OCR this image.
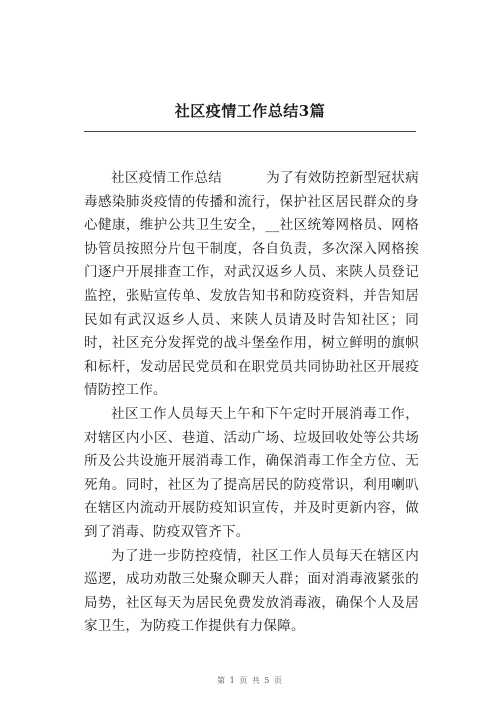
社区疫情工作总结3篇

社区疫情工作总结	为了有效防控新型冠状病毒感染肺炎疫情的传播和流行，保护社区居民群众的身心健康，维护公共卫生安全，__社区统筹网格员、网格协管员按照分片包干制度，各自负责，多次深入网格挨门逐户开展排查工作，对武汉返乡人员、来陕人员登记监控，张贴宣传单、发放告知书和防疫资料，并告知居民如有武汉返乡人员、来陕人员请及时告知社区；同时，社区充分发挥党的战斗堡垒作用，树立鲜明的旗帜和标杆，发动居民党员和在职党员共同协助社区开展疫情防控工作。

社区工作人员每天上午和下午定时开展消毒工作，对辖区内小区、巷道、活动广场、垃圾回收处等公共场所及公共设施开展消毒工作，确保消毒工作全方位、无死角。同时，社区为了提高居民的防疫常识，利用喇叭在辖区内流动开展防疫知识宣传，并及时更新内容，做到了消毒、防疫双管齐下。

为了进一步防控疫情，社区工作人员每天在辖区内巡逻，成功劝散三处聚众聊天人群；面对消毒液紧张的局势，社区每天为居民免费发放消毒液，确保个人及居家卫生，为防疫工作提供有力保障。

第 1 页 共 5 页
